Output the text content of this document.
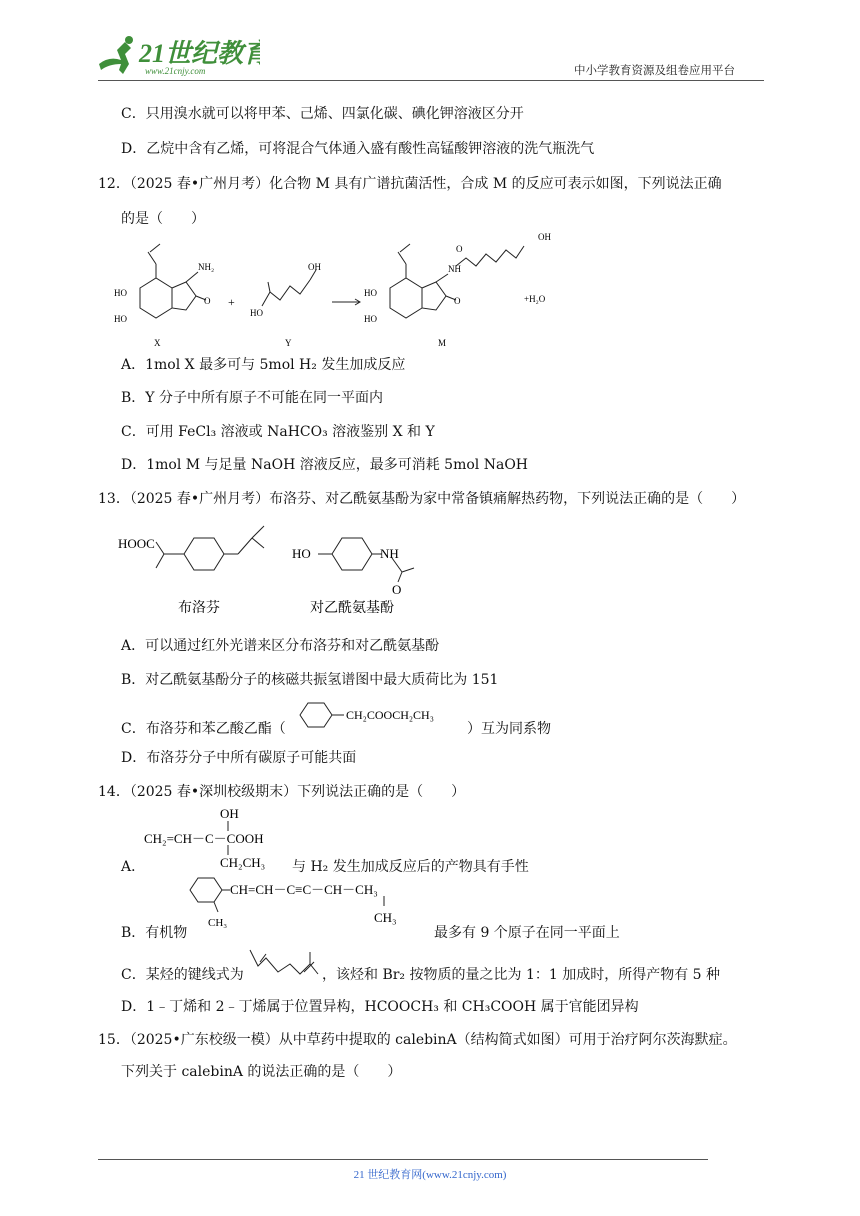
21世纪教育
www.21cnjy.com	中小学教育资源及组卷应用平台
C．只用溴水就可以将甲苯、己烯、四氯化碳、碘化钾溶液区分开
D．乙烷中含有乙烯，可将混合气体通入盛有酸性高锰酸钾溶液的洗气瓶洗气
12．（2025 春•广州月考）化合物 M 具有广谱抗菌活性，合成 M 的反应可表示如图，下列说法正确
的是（　　）
HO
HO
NH₂
O +
OH
HO
HO
HO
NH
O
O
OH
+H₂O
X	Y	M
A．1mol X 最多可与 5mol H₂ 发生加成反应
B．Y 分子中所有原子不可能在同一平面内
C．可用 FeCl₃ 溶液或 NaHCO₃ 溶液鉴别 X 和 Y
D．1mol M 与足量 NaOH 溶液反应，最多可消耗 5mol NaOH
13．（2025 春•广州月考）布洛芬、对乙酰氨基酚为家中常备镇痛解热药物，下列说法正确的是（　　）
HOOC
HO	NH
O
布洛芬	对乙酰氨基酚
A．可以通过红外光谱来区分布洛芬和对乙酰氨基酚
B．对乙酰氨基酚分子的核磁共振氢谱图中最大质荷比为 151
C．布洛芬和苯乙酸乙酯（
CH₂COOCH₂CH₃
）互为同系物
D．布洛芬分子中所有碳原子可能共面
14．（2025 春•深圳校级期末）下列说法正确的是（　　）
A．
OH
CH₂=CH－C－COOH
CH₂CH₃ 与 H₂ 发生加成反应后的产物具有手性
B．有机物
CH=CH－C≡C－CH－CH₃
CH₃	CH₃
最多有 9 个原子在同一平面上
C．某烃的键线式为	，该烃和 Br₂ 按物质的量之比为 1：1 加成时，所得产物有 5 种
D．1﹣丁烯和 2﹣丁烯属于位置异构，HCOOCH₃ 和 CH₃COOH 属于官能团异构
15．（2025•广东校级一模）从中草药中提取的 calebinA（结构简式如图）可用于治疗阿尔茨海默症。
下列关于 calebinA 的说法正确的是（　　）
21 世纪教育网(www.21cnjy.com)
